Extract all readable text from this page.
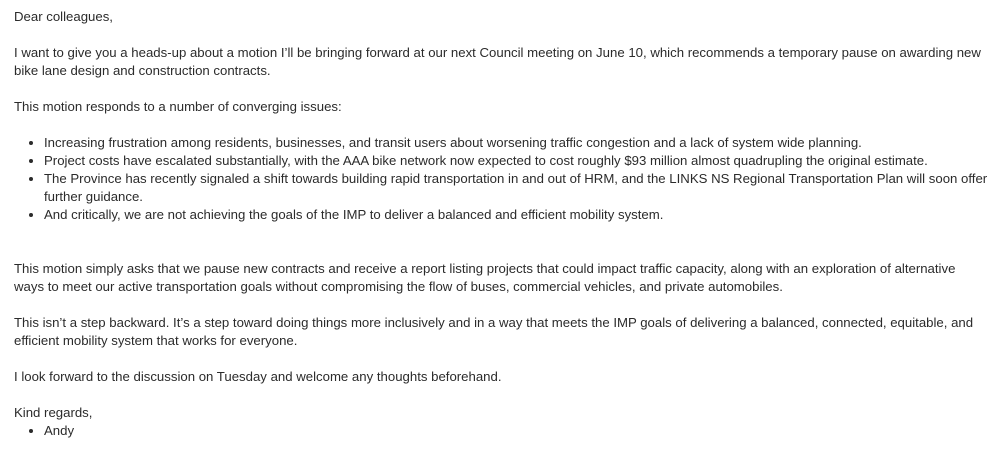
Dear colleagues,

I want to give you a heads-up about a motion I’ll be bringing forward at our next Council meeting on June 10, which recommends a temporary pause on awarding new bike lane design and construction contracts.

This motion responds to a number of converging issues:

• Increasing frustration among residents, businesses, and transit users about worsening traffic congestion and a lack of system wide planning.
• Project costs have escalated substantially, with the AAA bike network now expected to cost roughly $93 million almost quadrupling the original estimate.
• The Province has recently signaled a shift towards building rapid transportation in and out of HRM, and the LINKS NS Regional Transportation Plan will soon offer further guidance.
• And critically, we are not achieving the goals of the IMP to deliver a balanced and efficient mobility system.

This motion simply asks that we pause new contracts and receive a report listing projects that could impact traffic capacity, along with an exploration of alternative ways to meet our active transportation goals without compromising the flow of buses, commercial vehicles, and private automobiles.

This isn’t a step backward. It’s a step toward doing things more inclusively and in a way that meets the IMP goals of delivering a balanced, connected, equitable, and efficient mobility system that works for everyone.

I look forward to the discussion on Tuesday and welcome any thoughts beforehand.

Kind regards,

• Andy
